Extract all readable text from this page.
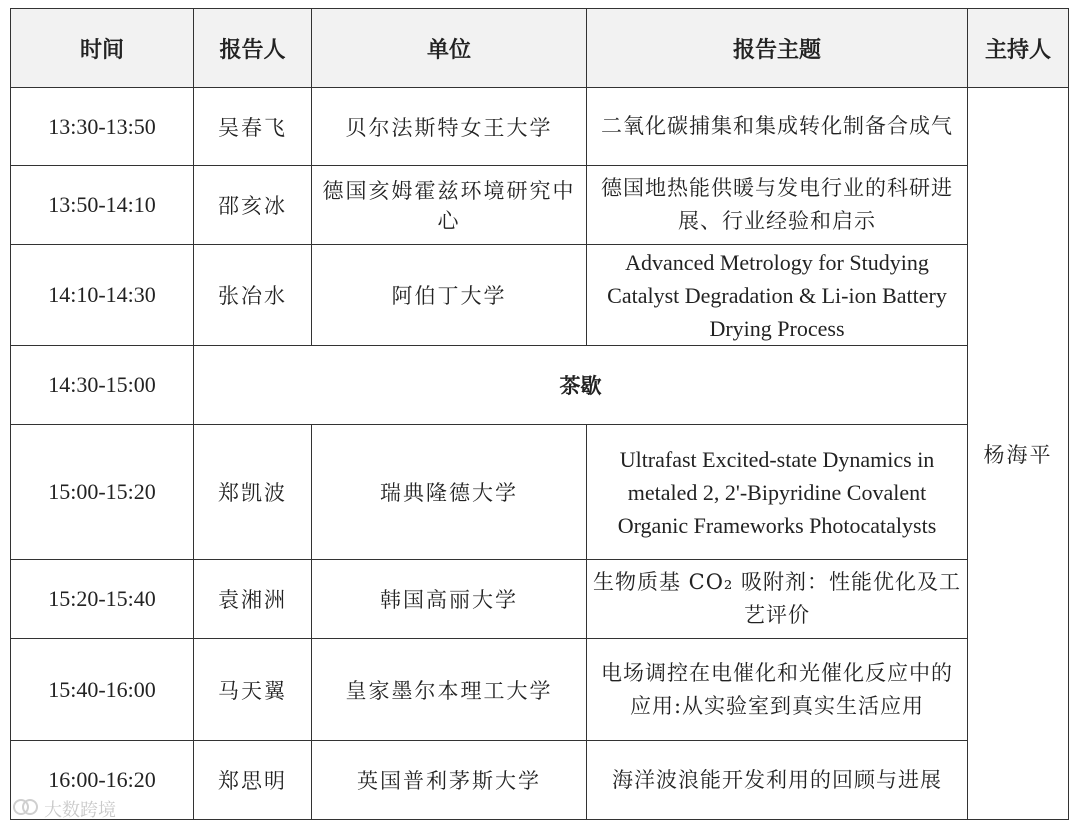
时间	报告人	单位	报告主题	主持人
13:30-13:50	吴春飞	贝尔法斯特女王大学	二氧化碳捕集和集成转化制备合成气	杨海平
13:50-14:10	邵亥冰	德国亥姆霍兹环境研究中心	德国地热能供暖与发电行业的科研进展、行业经验和启示	
14:10-14:30	张冶水	阿伯丁大学	Advanced Metrology for Studying Catalyst Degradation & Li-ion Battery Drying Process	
14:30-15:00	茶歇			
15:00-15:20	郑凯波	瑞典隆德大学	Ultrafast Excited-state Dynamics in metaled 2, 2'-Bipyridine Covalent Organic Frameworks Photocatalysts	
15:20-15:40	袁湘洲	韩国高丽大学	生物质基 CO₂ 吸附剂：性能优化及工艺评价	
15:40-16:00	马天翼	皇家墨尔本理工大学	电场调控在电催化和光催化反应中的应用:从实验室到真实生活应用	
16:00-16:20	郑思明	英国普利茅斯大学	海洋波浪能开发利用的回顾与进展	
大数跨境
